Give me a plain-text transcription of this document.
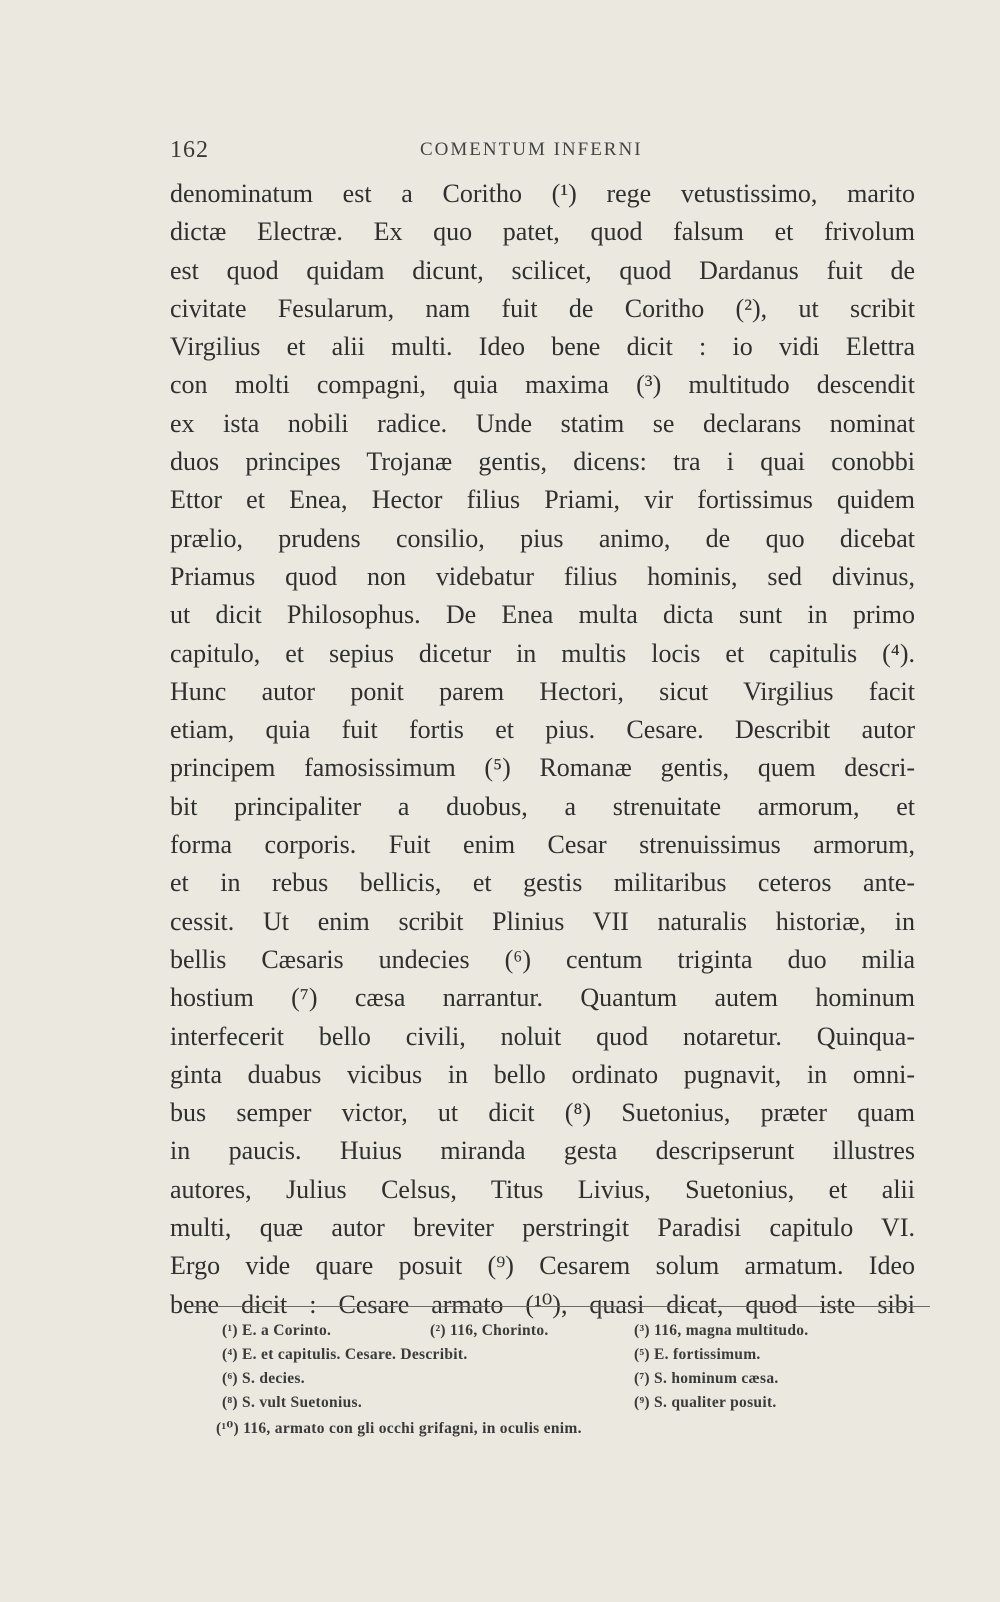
162	COMENTUM INFERNI
denominatum est a Coritho (¹) rege vetustissimo, marito
dictæ Electræ. Ex quo patet, quod falsum et frivolum
est quod quidam dicunt, scilicet, quod Dardanus fuit de
civitate Fesularum, nam fuit de Coritho (²), ut scribit
Virgilius et alii multi. Ideo bene dicit : io vidi Elettra
con molti compagni, quia maxima (³) multitudo descendit
ex ista nobili radice. Unde statim se declarans nominat
duos principes Trojanæ gentis, dicens: tra i quai conobbi
Ettor et Enea, Hector filius Priami, vir fortissimus quidem
prælio, prudens consilio, pius animo, de quo dicebat
Priamus quod non videbatur filius hominis, sed divinus,
ut dicit Philosophus. De Enea multa dicta sunt in primo
capitulo, et sepius dicetur in multis locis et capitulis (⁴).
Hunc autor ponit parem Hectori, sicut Virgilius facit
etiam, quia fuit fortis et pius. Cesare. Describit autor
principem famosissimum (⁵) Romanæ gentis, quem descri-
bit principaliter a duobus, a strenuitate armorum, et
forma corporis. Fuit enim Cesar strenuissimus armorum,
et in rebus bellicis, et gestis militaribus ceteros ante-
cessit. Ut enim scribit Plinius VII naturalis historiæ, in
bellis Cæsaris undecies (⁶) centum triginta duo milia
hostium (⁷) cæsa narrantur. Quantum autem hominum
interfecerit bello civili, noluit quod notaretur. Quinqua-
ginta duabus vicibus in bello ordinato pugnavit, in omni-
bus semper victor, ut dicit (⁸) Suetonius, præter quam
in paucis. Huius miranda gesta descripserunt illustres
autores, Julius Celsus, Titus Livius, Suetonius, et alii
multi, quæ autor breviter perstringit Paradisi capitulo VI.
Ergo vide quare posuit (⁹) Cesarem solum armatum. Ideo
bene dicit : Cesare armato (¹⁰), quasi dicat, quod iste sibi
(¹) E. a Corinto.	(²) 116, Chorinto.	(³) 116, magna multitudo.
(⁴) E. et capitulis. Cesare. Describit.	(⁵) E. fortissimum.
(⁶) S. decies.	(⁷) S. hominum cæsa.
(⁸) S. vult Suetonius.	(⁹) S. qualiter posuit.
(¹⁰) 116, armato con gli occhi grifagni, in oculis enim.
